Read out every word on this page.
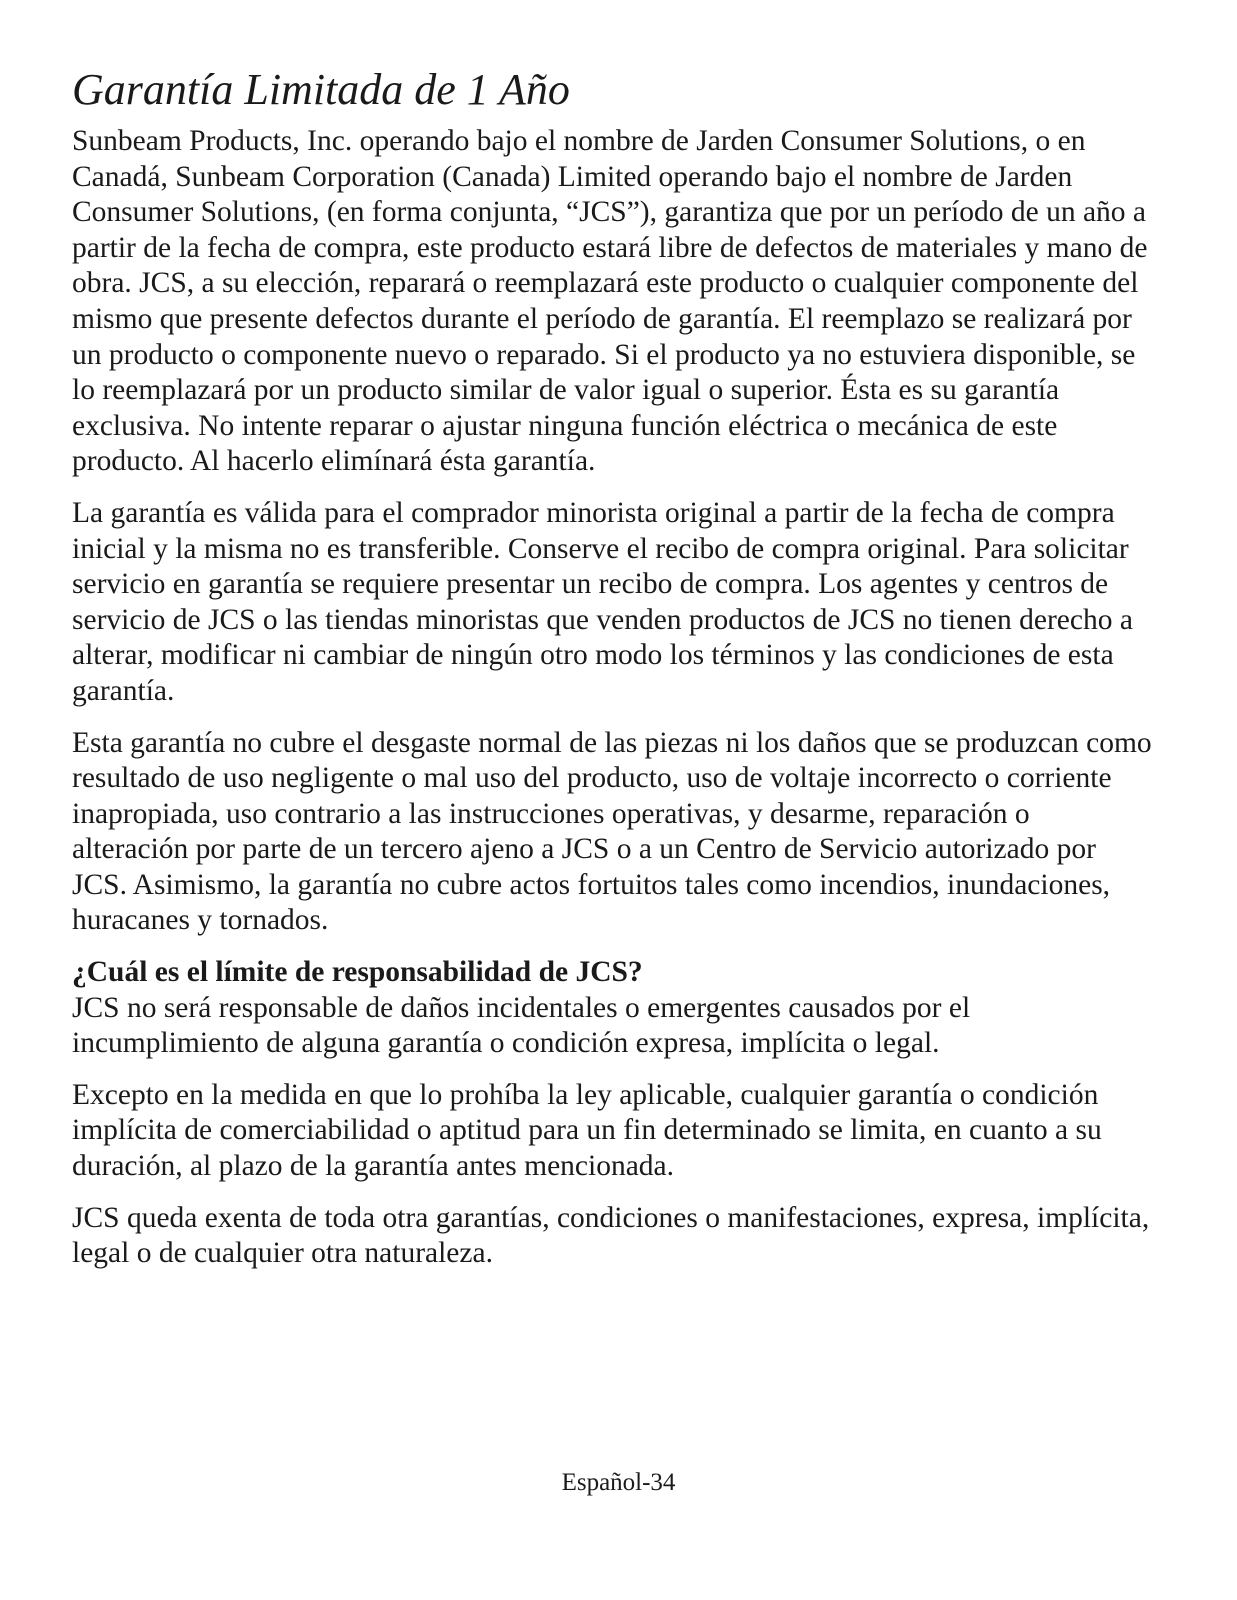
Garantía Limitada de 1 Año

Sunbeam Products, Inc. operando bajo el nombre de Jarden Consumer Solutions, o en Canadá, Sunbeam Corporation (Canada) Limited operando bajo el nombre de Jarden Consumer Solutions, (en forma conjunta, “JCS”), garantiza que por un período de un año a partir de la fecha de compra, este producto estará libre de defectos de materiales y mano de obra. JCS, a su elección, reparará o reemplazará este producto o cualquier componente del mismo que presente defectos durante el período de garantía. El reemplazo se realizará por un producto o componente nuevo o reparado. Si el producto ya no estuviera disponible, se lo reemplazará por un producto similar de valor igual o superior. Ésta es su garantía exclusiva. No intente reparar o ajustar ninguna función eléctrica o mecánica de este producto. Al hacerlo elimínará ésta garantía.

La garantía es válida para el comprador minorista original a partir de la fecha de compra inicial y la misma no es transferible. Conserve el recibo de compra original. Para solicitar servicio en garantía se requiere presentar un recibo de compra. Los agentes y centros de servicio de JCS o las tiendas minoristas que venden productos de JCS no tienen derecho a alterar, modificar ni cambiar de ningún otro modo los términos y las condiciones de esta garantía.

Esta garantía no cubre el desgaste normal de las piezas ni los daños que se produzcan como resultado de uso negligente o mal uso del producto, uso de voltaje incorrecto o corriente inapropiada, uso contrario a las instrucciones operativas, y desarme, reparación o alteración por parte de un tercero ajeno a JCS o a un Centro de Servicio autorizado por JCS. Asimismo, la garantía no cubre actos fortuitos tales como incendios, inundaciones, huracanes y tornados.

¿Cuál es el límite de responsabilidad de JCS?

JCS no será responsable de daños incidentales o emergentes causados por el incumplimiento de alguna garantía o condición expresa, implícita o legal.

Excepto en la medida en que lo prohíba la ley aplicable, cualquier garantía o condición implícita de comerciabilidad o aptitud para un fin determinado se limita, en cuanto a su duración, al plazo de la garantía antes mencionada.

JCS queda exenta de toda otra garantías, condiciones o manifestaciones, expresa, implícita, legal o de cualquier otra naturaleza.

Español-34
